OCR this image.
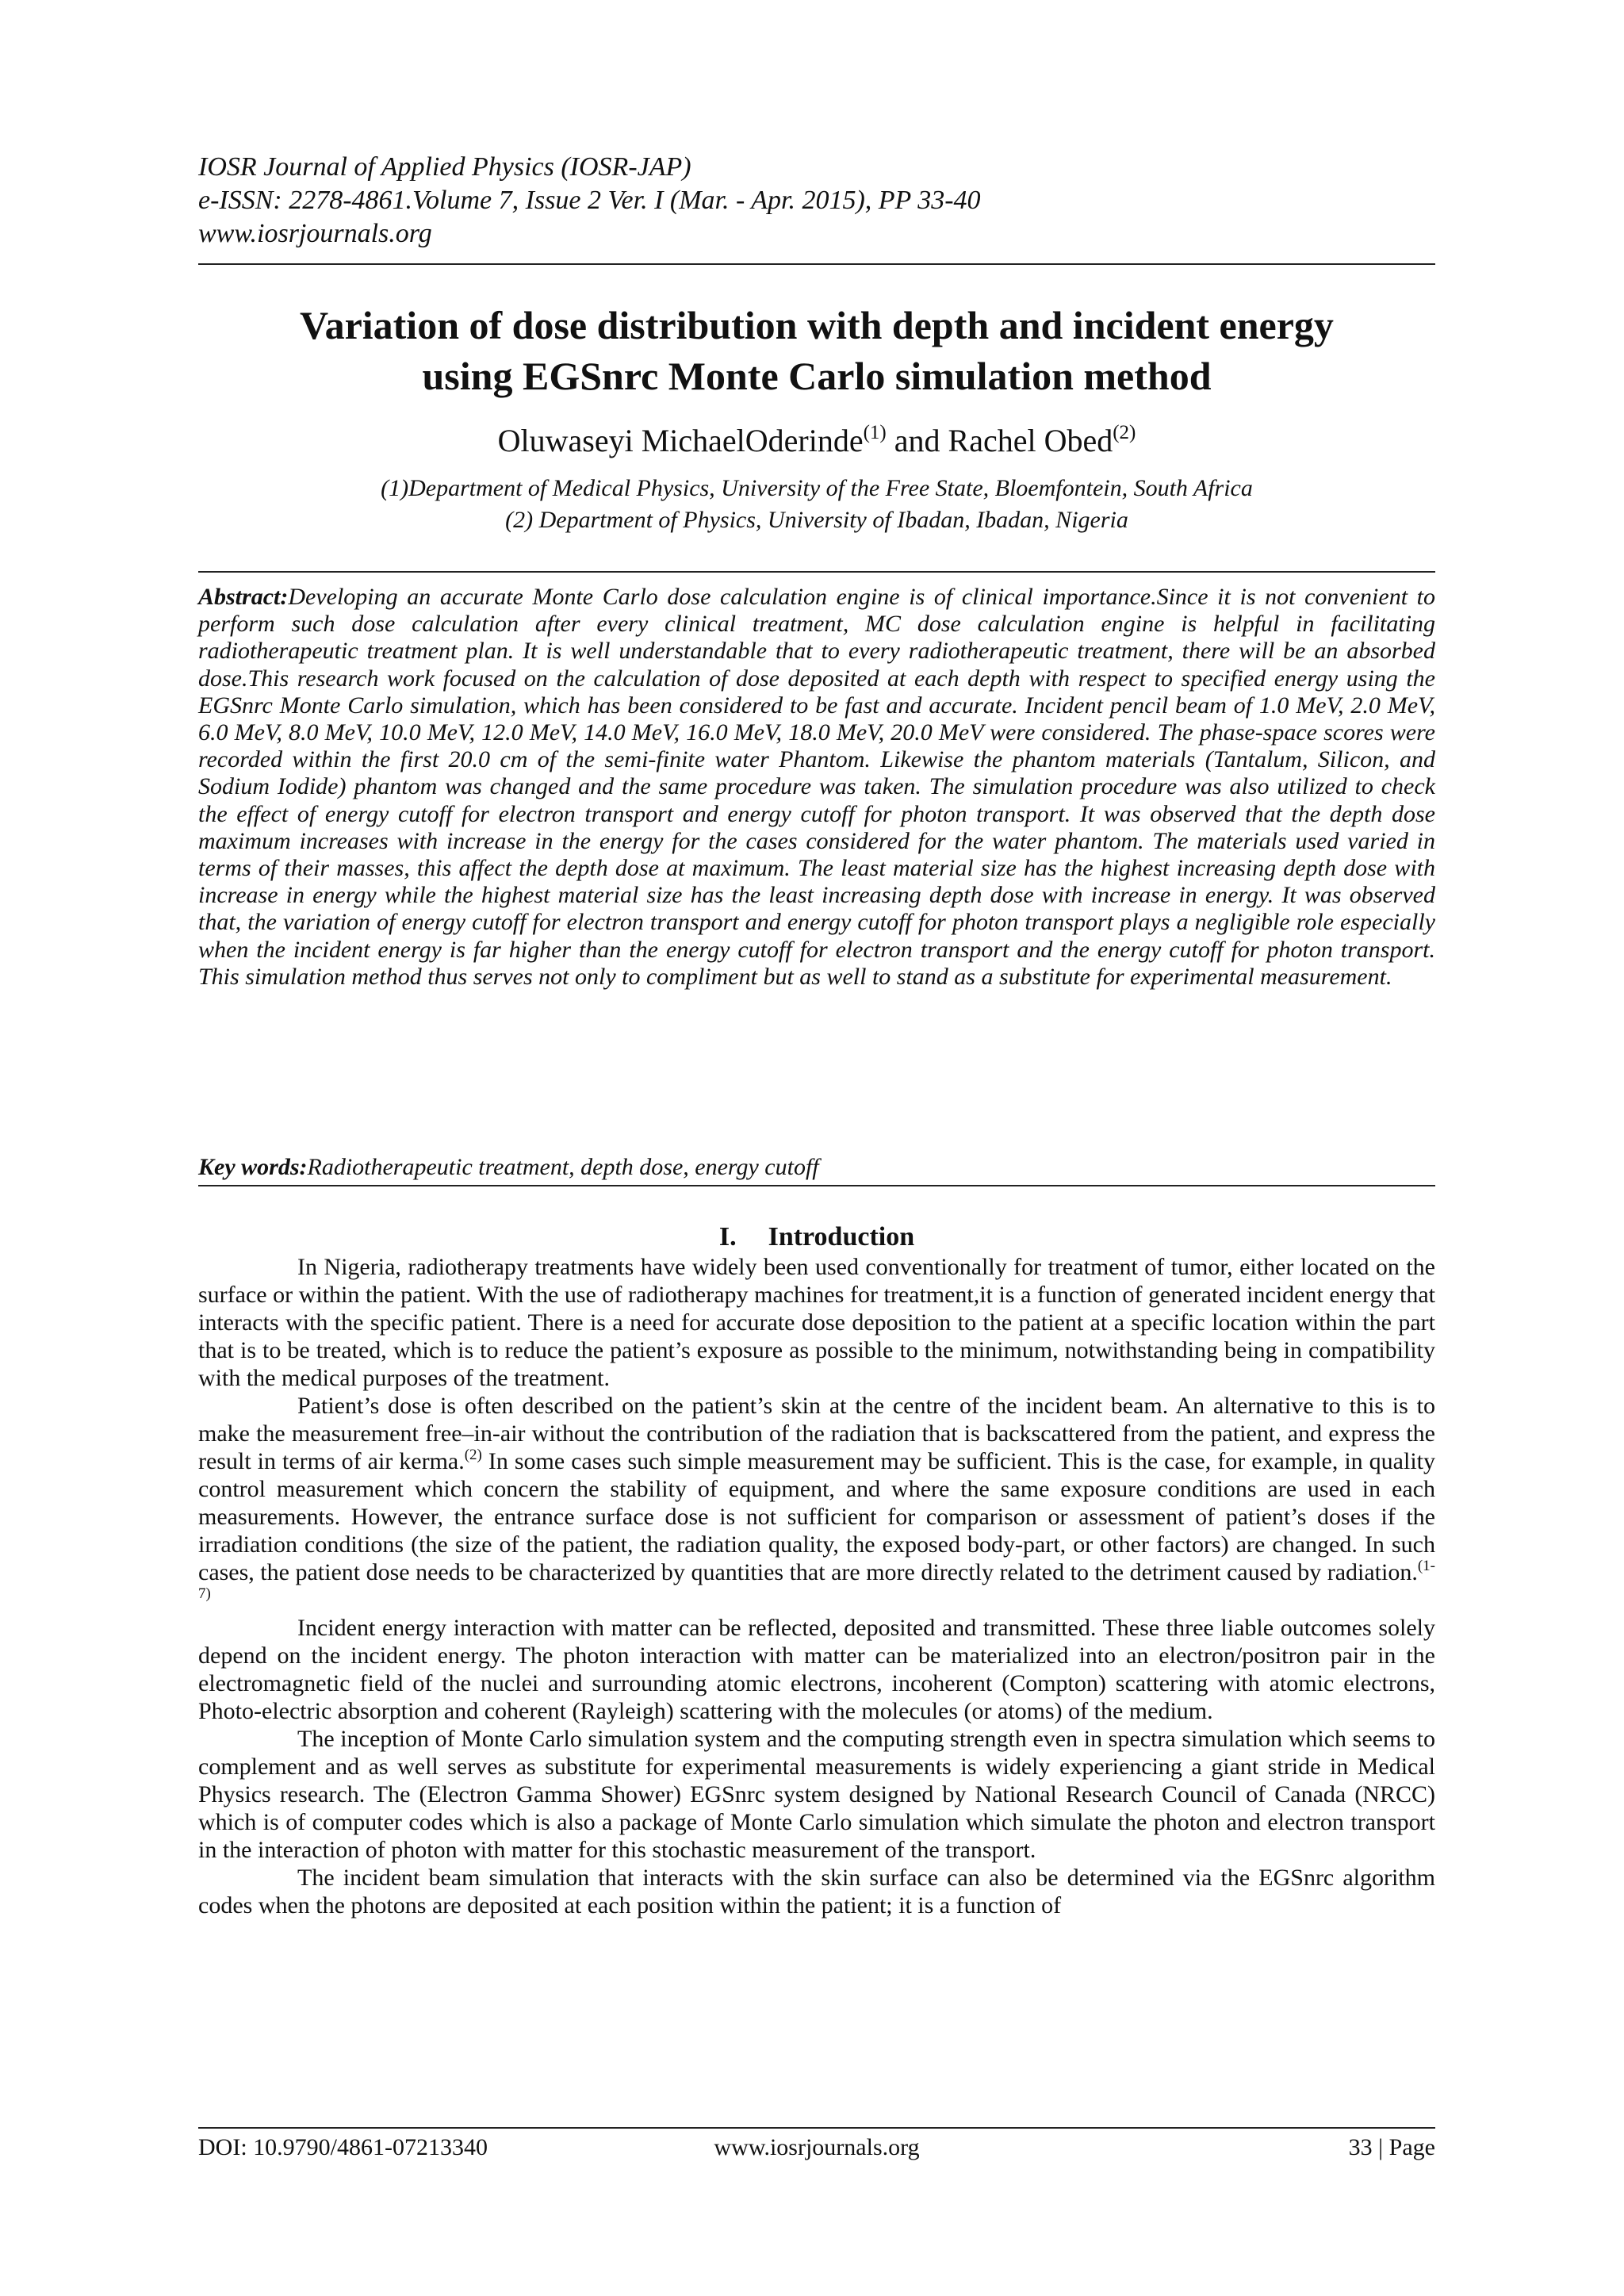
IOSR Journal of Applied Physics (IOSR-JAP)
e-ISSN: 2278-4861.Volume 7, Issue 2 Ver. I (Mar. - Apr. 2015), PP 33-40
www.iosrjournals.org
Variation of dose distribution with depth and incident energy
using EGSnrc Monte Carlo simulation method
Oluwaseyi MichaelOderinde$^{(1)}$ and Rachel Obed$^{(2)}$
(1)Department of Medical Physics, University of the Free State, Bloemfontein, South Africa
(2) Department of Physics, University of Ibadan, Ibadan, Nigeria
Abstract:Developing an accurate Monte Carlo dose calculation engine is of clinical importance.Since it is not convenient to perform such dose calculation after every clinical treatment, MC dose calculation engine is helpful in facilitating radiotherapeutic treatment plan. It is well understandable that to every radiotherapeutic treatment, there will be an absorbed dose.This research work focused on the calculation of dose deposited at each depth with respect to specified energy using the EGSnrc Monte Carlo simulation, which has been considered to be fast and accurate. Incident pencil beam of 1.0 MeV, 2.0 MeV, 6.0 MeV, 8.0 MeV, 10.0 MeV, 12.0 MeV, 14.0 MeV, 16.0 MeV, 18.0 MeV, 20.0 MeV were considered. The phase-space scores were recorded within the first 20.0 cm of the semi-finite water Phantom. Likewise the phantom materials (Tantalum, Silicon, and Sodium Iodide) phantom was changed and the same procedure was taken. The simulation procedure was also utilized to check the effect of energy cutoff for electron transport and energy cutoff for photon transport. It was observed that the depth dose maximum increases with increase in the energy for the cases considered for the water phantom. The materials used varied in terms of their masses, this affect the depth dose at maximum. The least material size has the highest increasing depth dose with increase in energy while the highest material size has the least increasing depth dose with increase in energy. It was observed that, the variation of energy cutoff for electron transport and energy cutoff for photon transport plays a negligible role especially when the incident energy is far higher than the energy cutoff for electron transport and the energy cutoff for photon transport. This simulation method thus serves not only to compliment but as well to stand as a substitute for experimental measurement.
Key words:Radiotherapeutic treatment, depth dose, energy cutoff
I. Introduction

In Nigeria, radiotherapy treatments have widely been used conventionally for treatment of tumor, either located on the surface or within the patient. With the use of radiotherapy machines for treatment,it is a function of generated incident energy that interacts with the specific patient. There is a need for accurate dose deposition to the patient at a specific location within the part that is to be treated, which is to reduce the patient’s exposure as possible to the minimum, notwithstanding being in compatibility with the medical purposes of the treatment.

Patient’s dose is often described on the patient’s skin at the centre of the incident beam. An alternative to this is to make the measurement free–in-air without the contribution of the radiation that is backscattered from the patient, and express the result in terms of air kerma.$^{(2)}$ In some cases such simple measurement may be sufficient. This is the case, for example, in quality control measurement which concern the stability of equipment, and where the same exposure conditions are used in each measurements. However, the entrance surface dose is not sufficient for comparison or assessment of patient’s doses if the irradiation conditions (the size of the patient, the radiation quality, the exposed body-part, or other factors) are changed. In such cases, the patient dose needs to be characterized by quantities that are more directly related to the detriment caused by radiation.$^{(1-7)}$

Incident energy interaction with matter can be reflected, deposited and transmitted. These three liable outcomes solely depend on the incident energy. The photon interaction with matter can be materialized into an electron/positron pair in the electromagnetic field of the nuclei and surrounding atomic electrons, incoherent (Compton) scattering with atomic electrons, Photo-electric absorption and coherent (Rayleigh) scattering with the molecules (or atoms) of the medium.

The inception of Monte Carlo simulation system and the computing strength even in spectra simulation which seems to complement and as well serves as substitute for experimental measurements is widely experiencing a giant stride in Medical Physics research. The (Electron Gamma Shower) EGSnrc system designed by National Research Council of Canada (NRCC) which is of computer codes which is also a package of Monte Carlo simulation which simulate the photon and electron transport in the interaction of photon with matter for this stochastic measurement of the transport.

The incident beam simulation that interacts with the skin surface can also be determined via the EGSnrc algorithm codes when the photons are deposited at each position within the patient; it is a function of

DOI: 10.9790/4861-07213340	www.iosrjournals.org	33 | Page
